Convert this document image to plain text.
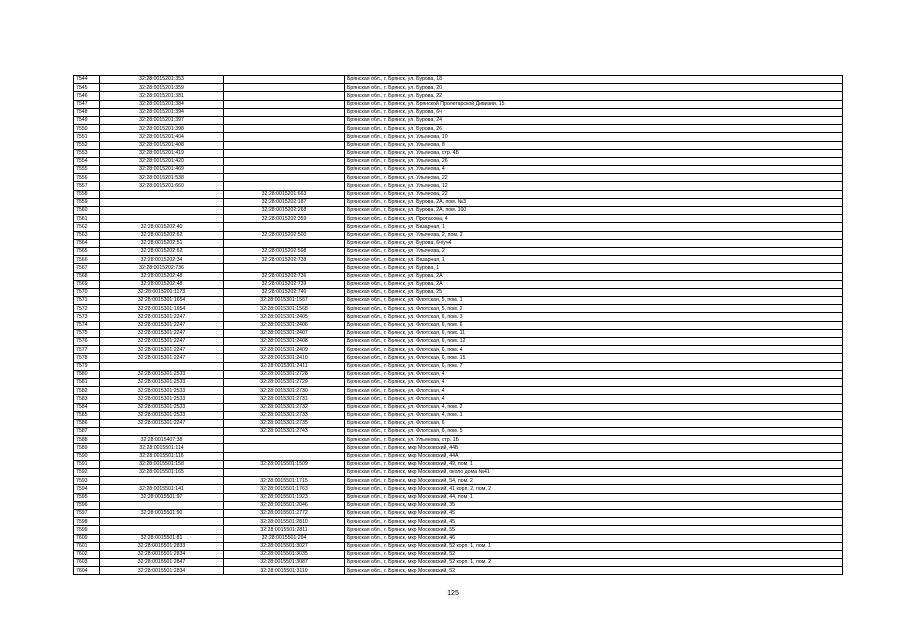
7544	32:28:0015201:353		Брянская обл., г. Брянск, ул. Бурова, 18
7545	32:28:0015201:359		Брянская обл., г. Брянск, ул. Бурова, 20
7546	32:28:0015201:381		Брянская обл., г. Брянск, ул. Бурова, 22
7547	32:28:0015201:384		Брянская обл., г. Брянск, ул. Брянской Пролетарской Дивизии, 15
7548	32:28:0015201:394		Брянская обл., г. Брянск, ул. Бурова, 6ч
7549	32:28:0015201:397		Брянская обл., г. Брянск, ул. Бурова, 24
7550	32:28:0015201:398		Брянская обл., г. Брянск, ул. Бурова, 26
7551	32:28:0015201:404		Брянская обл., г. Брянск, ул. Ульянова, 10
7552	32:28:0015201:408		Брянская обл., г. Брянск, ул. Ульянова, 8
7553	32:28:0015201:419		Брянская обл., г. Брянск, ул. Ульянова, стр. 4Б
7554	32:28:0015201:420		Брянская обл., г. Брянск, ул. Ульянова, 26
7555	32:28:0015201:469		Брянская обл., г. Брянск, ул. Ульянова, 4
7556	32:28:0015201:538		Брянская обл., г. Брянск, ул. Ульянова, 22
7557	32:28:0015201:660		Брянская обл., г. Брянск, ул. Ульянова, 12
7558		32:28:0015201:663	Брянская обл., г. Брянск, ул. Ульянова, 22
7559		32:28:0015202:187	Брянская обл., г. Брянск, ул. Бурова, 2А, пом. №3
7560		32:28:0015202:268	Брянская обл., г. Брянск, ул. Бурова, 2А, пом. 100
7561		32:28:0015202:359	Брянская обл., г. Брянск, ул. Протасова, 4
7562	32:28:0015202:40		Брянская обл., г. Брянск, ул. Базарная, 1
7563	32:28:0015202:62	32:28:0015202:500	Брянская обл., г. Брянск, ул. Ульянова, 2, пом. 2
7564	32:28:0015202:51		Брянская обл., г. Брянск, ул. Бурова, 6ч/уч4
7565	32:28:0015202:62	32:28:0015202:598	Брянская обл., г. Брянск, ул. Ульянова, 2
7566	32:28:0015202:34	32:28:0015202:738	Брянская обл., г. Брянск, ул. Базарная, 1
7567	32:28:0015202:736		Брянская обл., г. Брянск, ул. Бурова, 1
7568	32:28:0015202:48	32:28:0015202:736	Брянская обл., г. Брянск, ул. Бурова, 2А
7569	32:28:0015202:48	32:28:0015202:739	Брянская обл., г. Брянск, ул. Бурова, 2А
7570	32:28:0015201:1173	32:28:0015202:740	Брянская обл., г. Брянск, ул. Бурова, 25
7571	32:28:0015301:1654	32:28:0015301:1567	Брянская обл., г. Брянск, ул. Флотская, 5, пом. 1
7572	32:28:0015301:1654	32:28:0015301:1568	Брянская обл., г. Брянск, ул. Флотская, 5, пом. 2
7573	32:28:0015301:2247	32:28:0015301:2405	Брянская обл., г. Брянск, ул. Флотская, 6, пом. 3
7574	32:28:0015301:2247	32:28:0015301:2406	Брянская обл., г. Брянск, ул. Флотская, 6, пом. 6
7575	32:28:0015301:2247	32:28:0015301:2407	Брянская обл., г. Брянск, ул. Флотская, 6, пом. 11
7576	32:28:0015301:2247	32:28:0015301:2408	Брянская обл., г. Брянск, ул. Флотская, 6, пом. 12
7577	32:28:0015301:2247	32:28:0015301:2409	Брянская обл., г. Брянск, ул. Флотская, 6, пом. 4
7578	32:28:0015301:2247	32:28:0015301:2410	Брянская обл., г. Брянск, ул. Флотская, 6, пом. 15
7579		32:28:0015301:2411	Брянская обл., г. Брянск, ул. Флотская, 6, пом. 7
7580	32:28:0015301:2533	32:28:0015301:2728	Брянская обл., г. Брянск, ул. Флотская, 4
7581	32:28:0015301:2533	32:28:0015301:2729	Брянская обл., г. Брянск, ул. Флотская, 4
7582	32:28:0015301:2533	32:28:0015301:2730	Брянская обл., г. Брянск, ул. Флотская, 4
7583	32:28:0015301:2533	32:28:0015301:2731	Брянская обл., г. Брянск, ул. Флотская, 4
7584	32:28:0015301:2533	32:28:0015301:2732	Брянская обл., г. Брянск, ул. Флотская, 4, пом. 2
7585	32:28:0015301:2533	32:28:0015301:2733	Брянская обл., г. Брянск, ул. Флотская, 4, пом. 1
7586	32:28:0015301:2247	32:28:0015301:2735	Брянская обл., г. Брянск, ул. Флотская, 6
7587		32:28:0015301:2743	Брянская обл., г. Брянск, ул. Флотская, 6, пом. 5
7588	32:28:0015407:38		Брянская обл., г. Брянск, ул. Ульянова, стр. 1Б
7589	32:28:0015501:114		Брянская обл., г. Брянск, мкр Московский, 44Б
7590	32:28:0015501:116		Брянская обл., г. Брянск, мкр Московский, 44А
7591	32:28:0015501:158	32:28:0015501:1509	Брянская обл., г. Брянск, мкр Московский, 49, пом. 1
7592	32:28:0015501:165		Брянская обл., г. Брянск, мкр Московский, около дома №41
7593		32:28:0015501:1715	Брянская обл., г. Брянск, мкр Московский, 54, пом. 2
7594	32:28:0015501:141	32:28:0015501:1763	Брянская обл., г. Брянск, мкр Московский, 41 корп. 2, пом. 2
7595	32:28:0015501:97	32:28:0015501:1923	Брянская обл., г. Брянск, мкр Московский, 44, пом. 1
7596		32:28:0015501:2046	Брянская обл., г. Брянск, мкр Московский, 35
7597	32:28:0015501:90	32:28:0015501:2772	Брянская обл., г. Брянск, мкр Московский, 45
7598		32:28:0015501:2810	Брянская обл., г. Брянск, мкр Московский, 45
7599		32:28:0015501:2811	Брянская обл., г. Брянск, мкр Московский, 55
7600	32:28:0015501:81	32:28:0015501:294	Брянская обл., г. Брянск, мкр Московский, 46
7601	32:28:0015501:2833	32:28:0015501:3027	Брянская обл., г. Брянск, мкр Московский, 52 корп. 1, пом. 1
7602	32:28:0015501:2834	32:28:0015501:3035	Брянская обл., г. Брянск, мкр Московский, 52
7603	32:28:0015501:2847	32:28:0015501:3087	Брянская обл., г. Брянск, мкр Московский, 52 корп. 1, пом. 2
7604	32:28:0015501:2834	32:28:0015501:3119	Брянская обл., г. Брянск, мкр Московский, 52
125
